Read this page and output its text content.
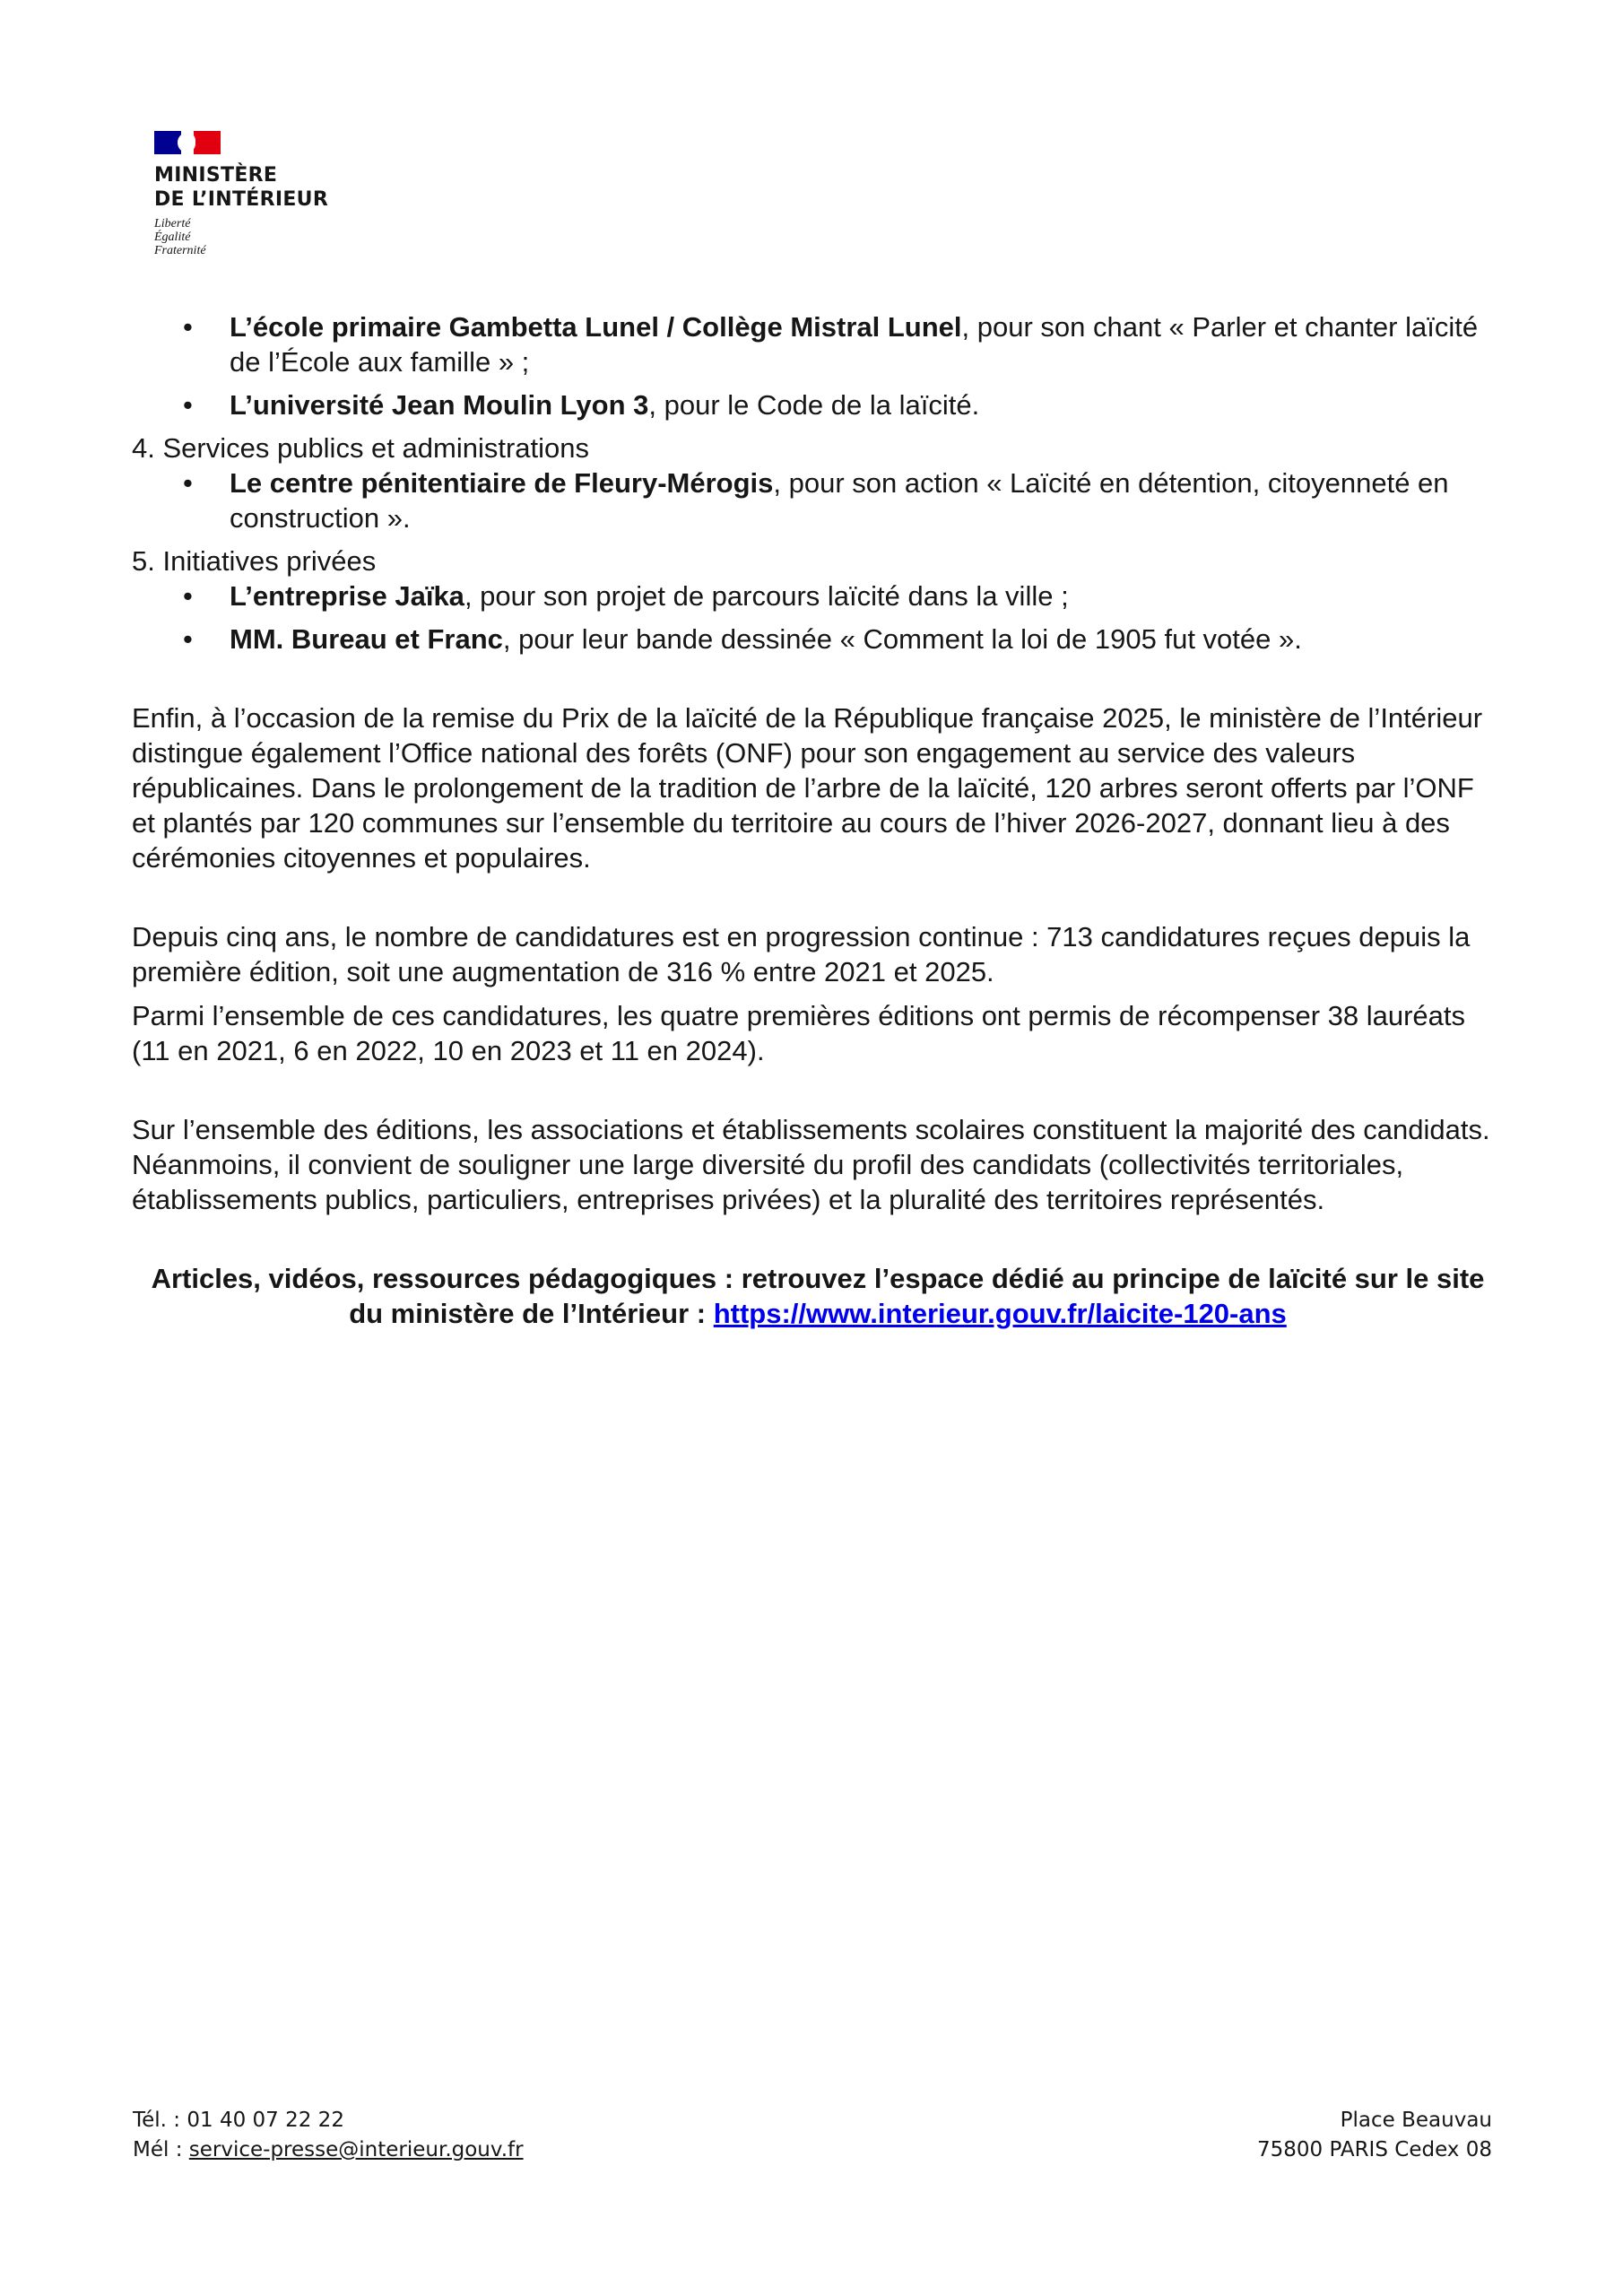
MINISTÈRE
DE L’INTÉRIEUR
Liberté
Égalité
Fraternité
• L’école primaire Gambetta Lunel / Collège Mistral Lunel, pour son chant « Parler et chanter laïcité de l’École aux famille » ;
• L’université Jean Moulin Lyon 3, pour le Code de la laïcité.

4. Services publics et administrations

• Le centre pénitentiaire de Fleury-Mérogis, pour son action « Laïcité en détention, citoyenneté en construction ».

5. Initiatives privées

• L’entreprise Jaïka, pour son projet de parcours laïcité dans la ville ;
• MM. Bureau et Franc, pour leur bande dessinée « Comment la loi de 1905 fut votée ».

Enfin, à l’occasion de la remise du Prix de la laïcité de la République française 2025, le ministère de l’Intérieur distingue également l’Office national des forêts (ONF) pour son engagement au service des valeurs républicaines. Dans le prolongement de la tradition de l’arbre de la laïcité, 120 arbres seront offerts par l’ONF et plantés par 120 communes sur l’ensemble du territoire au cours de l’hiver 2026-2027, donnant lieu à des cérémonies citoyennes et populaires.

Depuis cinq ans, le nombre de candidatures est en progression continue : 713 candidatures reçues depuis la première édition, soit une augmentation de 316 % entre 2021 et 2025.

Parmi l’ensemble de ces candidatures, les quatre premières éditions ont permis de récompenser 38 lauréats (11 en 2021, 6 en 2022, 10 en 2023 et 11 en 2024).

Sur l’ensemble des éditions, les associations et établissements scolaires constituent la majorité des candidats. Néanmoins, il convient de souligner une large diversité du profil des candidats (collectivités territoriales, établissements publics, particuliers, entreprises privées) et la pluralité des territoires représentés.

Articles, vidéos, ressources pédagogiques : retrouvez l’espace dédié au principe de laïcité sur le site du ministère de l’Intérieur : https://www.interieur.gouv.fr/laicite-120-ans

Tél. : 01 40 07 22 22
Mél : service-presse@interieur.gouv.fr
Place Beauvau
75800 PARIS Cedex 08
